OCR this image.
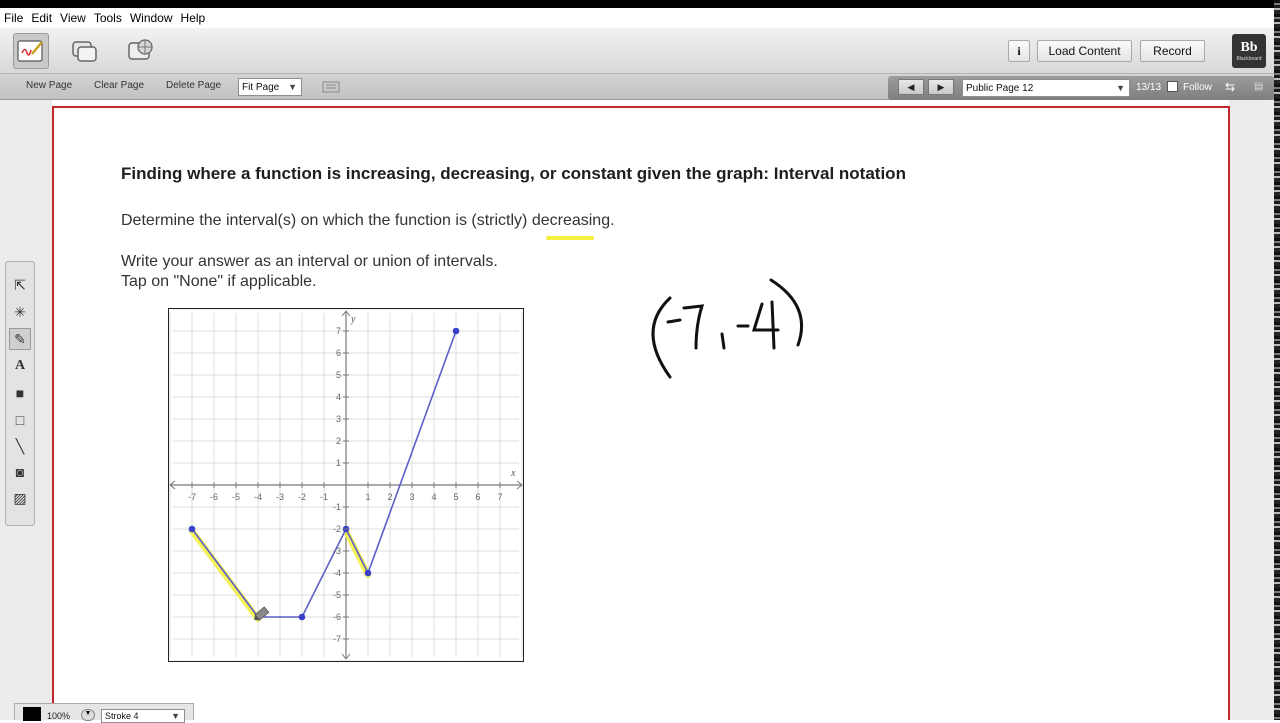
File Edit View Tools Window Help
i	Load Content	Record	Bb
Blackboard
New Page Clear Page Delete Page Fit Page ▼	◀	▶ Public Page 12	▼ 13/13 Follow ⇆ ▤
Finding where a function is increasing, decreasing, or constant given the graph: Interval notation
Determine the interval(s) on which the function is (strictly) decreasing.
Write your answer as an interval or union of intervals.
Tap on "None" if applicable.
-7 -6 -5 -4 -3 -2 -1	1 2 3 4 5 6 7
7
6
5
4
3
2
1
-1
-2
-3
-4
-5
-6
-7
x
y
⇱
✳
✎
A
■
□
╲
◙
▨
100%	▼	Stroke 4	▼
